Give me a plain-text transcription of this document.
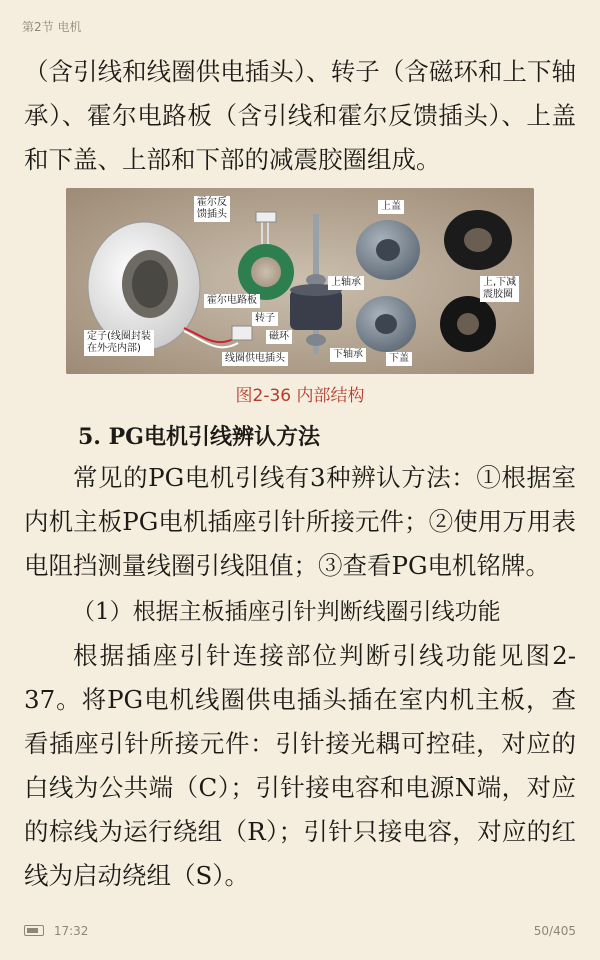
第2节 电机

（含引线和线圈供电插头）、转子（含磁环和上下轴承）、霍尔电路板（含引线和霍尔反馈插头）、上盖和下盖、上部和下部的减震胶圈组成。

霍尔反
馈插头
上盖
上轴承
霍尔电路板
转子
磁环
定子(线圈封装
在外壳内部)
线圈供电插头	下轴承	下盖
上,下减
震胶圈
图2-36 内部结构
5. PG电机引线辨认方法

常见的PG电机引线有3种辨认方法：①根据室内机主板PG电机插座引针所接元件；②使用万用表电阻挡测量线圈引线阻值；③查看PG电机铭牌。

（1）根据主板插座引针判断线圈引线功能

根据插座引针连接部位判断引线功能见图2-37。将PG电机线圈供电插头插在室内机主板，查看插座引针所接元件：引针接光耦可控硅，对应的白线为公共端（C）；引针接电容和电源N端，对应的棕线为运行绕组（R）；引针只接电容，对应的红线为启动绕组（S）。

17:32	50/405
